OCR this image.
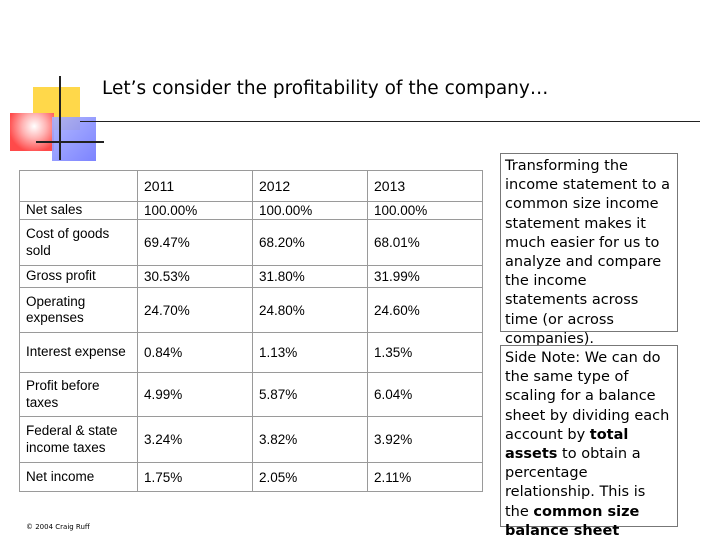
Let’s consider the profitability of the company…
	2011	2012	2013
Net sales	100.00%	100.00%	100.00%
Cost of goods sold	69.47%	68.20%	68.01%
Gross profit	30.53%	31.80%	31.99%
Operating expenses	24.70%	24.80%	24.60%
Interest expense	0.84%	1.13%	1.35%
Profit before taxes	4.99%	5.87%	6.04%
Federal & state income taxes	3.24%	3.82%	3.92%
Net income	1.75%	2.05%	2.11%

Transforming the income statement to a common size income statement makes it much easier for us to analyze and compare the income statements across time (or across companies).

Side Note: We can do the same type of scaling for a balance sheet by dividing each account by total assets to obtain a percentage relationship. This is the common size balance sheet

© 2004 Craig Ruff
